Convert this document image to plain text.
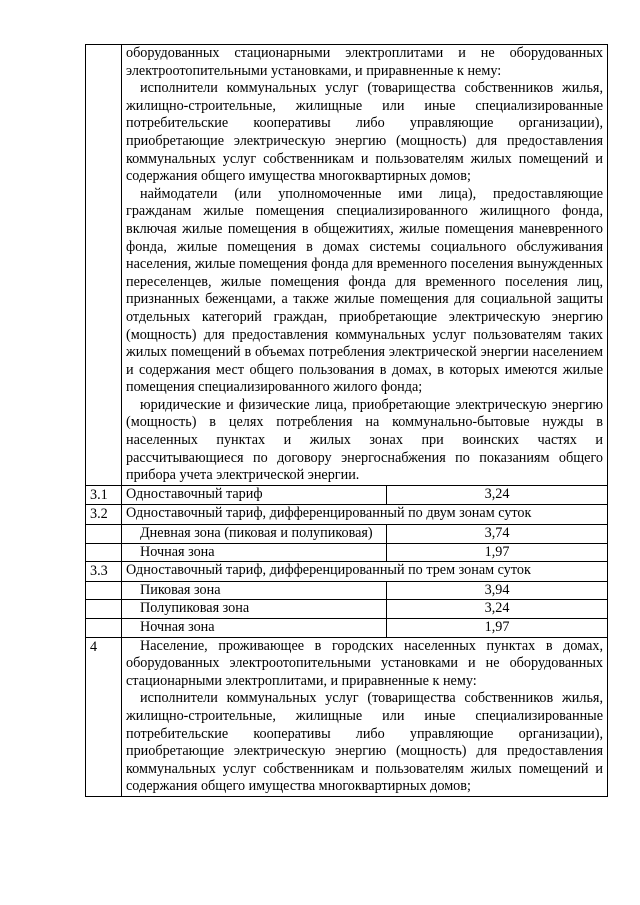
	оборудованных стационарными электроплитами и не оборудованных электроотопительными установками, и приравненные к нему:

исполнители коммунальных услуг (товарищества собственников жилья, жилищно-строительные, жилищные или иные специализированные потребительские кооперативы либо управляющие организации), приобретающие электрическую энергию (мощность) для предоставления коммунальных услуг собственникам и пользователям жилых помещений и содержания общего имущества многоквартирных домов;

наймодатели (или уполномоченные ими лица), предоставляющие гражданам жилые помещения специализированного жилищного фонда, включая жилые помещения в общежитиях, жилые помещения маневренного фонда, жилые помещения в домах системы социального обслуживания населения, жилые помещения фонда для временного поселения вынужденных переселенцев, жилые помещения фонда для временного поселения лиц, признанных беженцами, а также жилые помещения для социальной защиты отдельных категорий граждан, приобретающие электрическую энергию (мощность) для предоставления коммунальных услуг пользователям таких жилых помещений в объемах потребления электрической энергии населением и содержания мест общего пользования в домах, в которых имеются жилые помещения специализированного жилого фонда;

юридические и физические лица, приобретающие электрическую энергию (мощность) в целях потребления на коммунально-бытовые нужды в населенных пунктах и жилых зонах при воинских частях и рассчитывающиеся по договору энергоснабжения по показаниям общего прибора учета электрической энергии.	

3.1	Одноставочный тариф	3,24
3.2	Одноставочный тариф, дифференцированный по двум зонам суток	
	Дневная зона (пиковая и полупиковая)	3,74
	Ночная зона	1,97
3.3	Одноставочный тариф, дифференцированный по трем зонам суток	
	Пиковая зона	3,94
	Полупиковая зона	3,24
	Ночная зона	1,97
4	Население, проживающее в городских населенных пунктах в домах, оборудованных электроотопительными установками и не оборудованных стационарными электроплитами, и приравненные к нему:

исполнители коммунальных услуг (товарищества собственников жилья, жилищно-строительные, жилищные или иные специализированные потребительские кооперативы либо управляющие организации), приобретающие электрическую энергию (мощность) для предоставления коммунальных услуг собственникам и пользователям жилых помещений и содержания общего имущества многоквартирных домов;	
